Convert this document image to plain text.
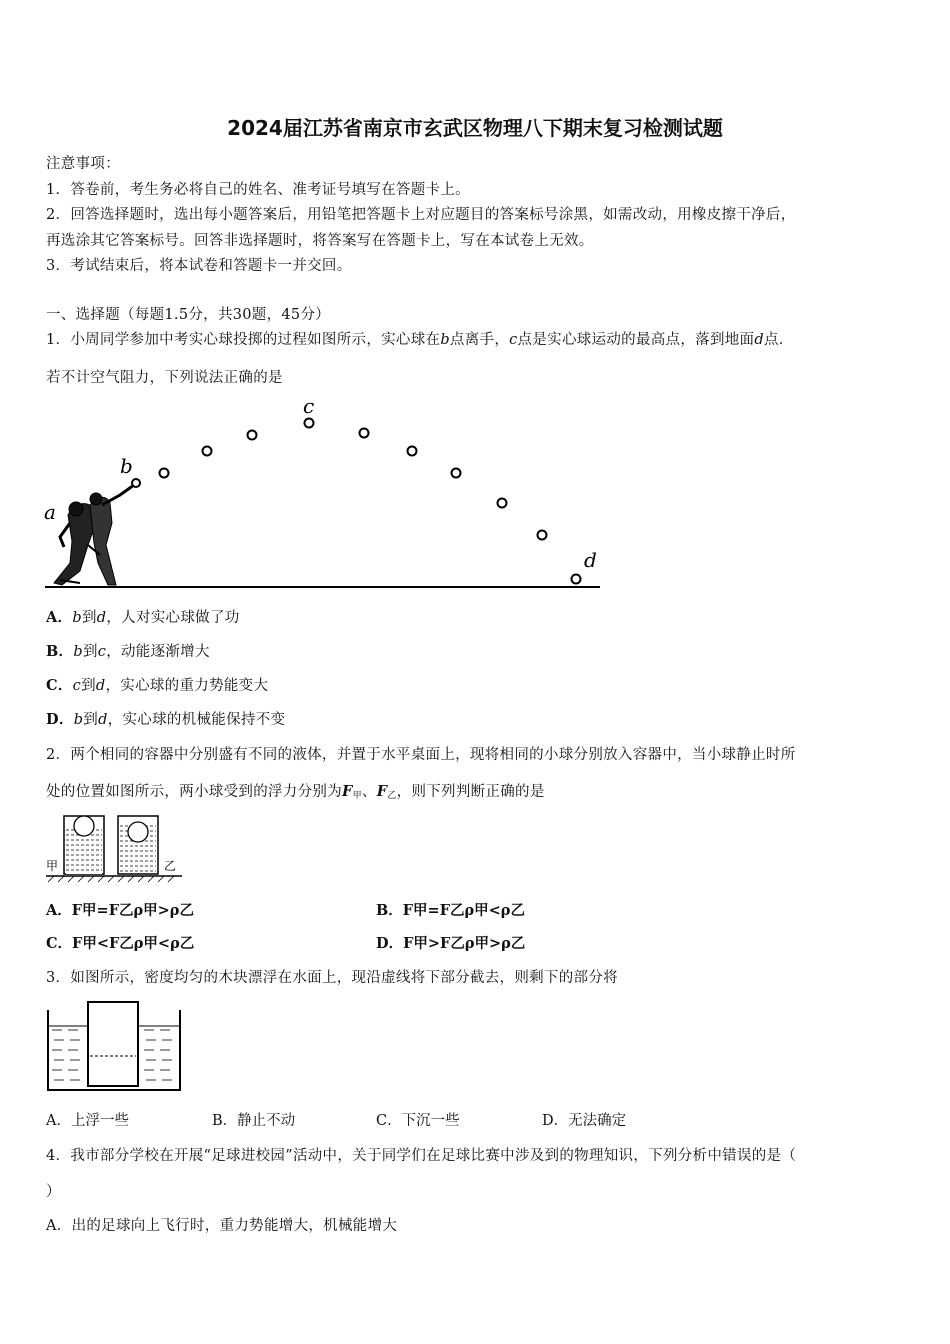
2024届江苏省南京市玄武区物理八下期末复习检测试题
注意事项：
1．答卷前，考生务必将自己的姓名、准考证号填写在答题卡上。
2．回答选择题时，选出每小题答案后，用铅笔把答题卡上对应题目的答案标号涂黑，如需改动，用橡皮擦干净后，
再选涂其它答案标号。回答非选择题时，将答案写在答题卡上，写在本试卷上无效。
3．考试结束后，将本试卷和答题卡一并交回。
一、选择题（每题1.5分，共30题，45分）
1．小周同学参加中考实心球投掷的过程如图所示，实心球在b点离手，c点是实心球运动的最高点，落到地面d点．
若不计空气阻力，下列说法正确的是
a
b
c
d
A．b到d，人对实心球做了功
B．b到c，动能逐渐增大
C．c到d，实心球的重力势能变大
D．b到d，实心球的机械能保持不变
2．两个相同的容器中分别盛有不同的液体，并置于水平桌面上，现将相同的小球分别放入容器中，当小球静止时所
处的位置如图所示，两小球受到的浮力分别为$F_甲$、$F_乙$，则下列判断正确的是
甲	乙
A．F甲=F乙ρ甲>ρ乙	B．F甲=F乙ρ甲<ρ乙
C．F甲<F乙ρ甲<ρ乙	D．F甲>F乙ρ甲>ρ乙
3．如图所示，密度均匀的木块漂浮在水面上，现沿虚线将下部分截去，则剩下的部分将
A．上浮一些	B．静止不动	C．下沉一些	D．无法确定
4．我市部分学校在开展“足球进校园”活动中，关于同学们在足球比赛中涉及到的物理知识，下列分析中错误的是（
）
A．出的足球向上飞行时，重力势能增大，机械能增大
